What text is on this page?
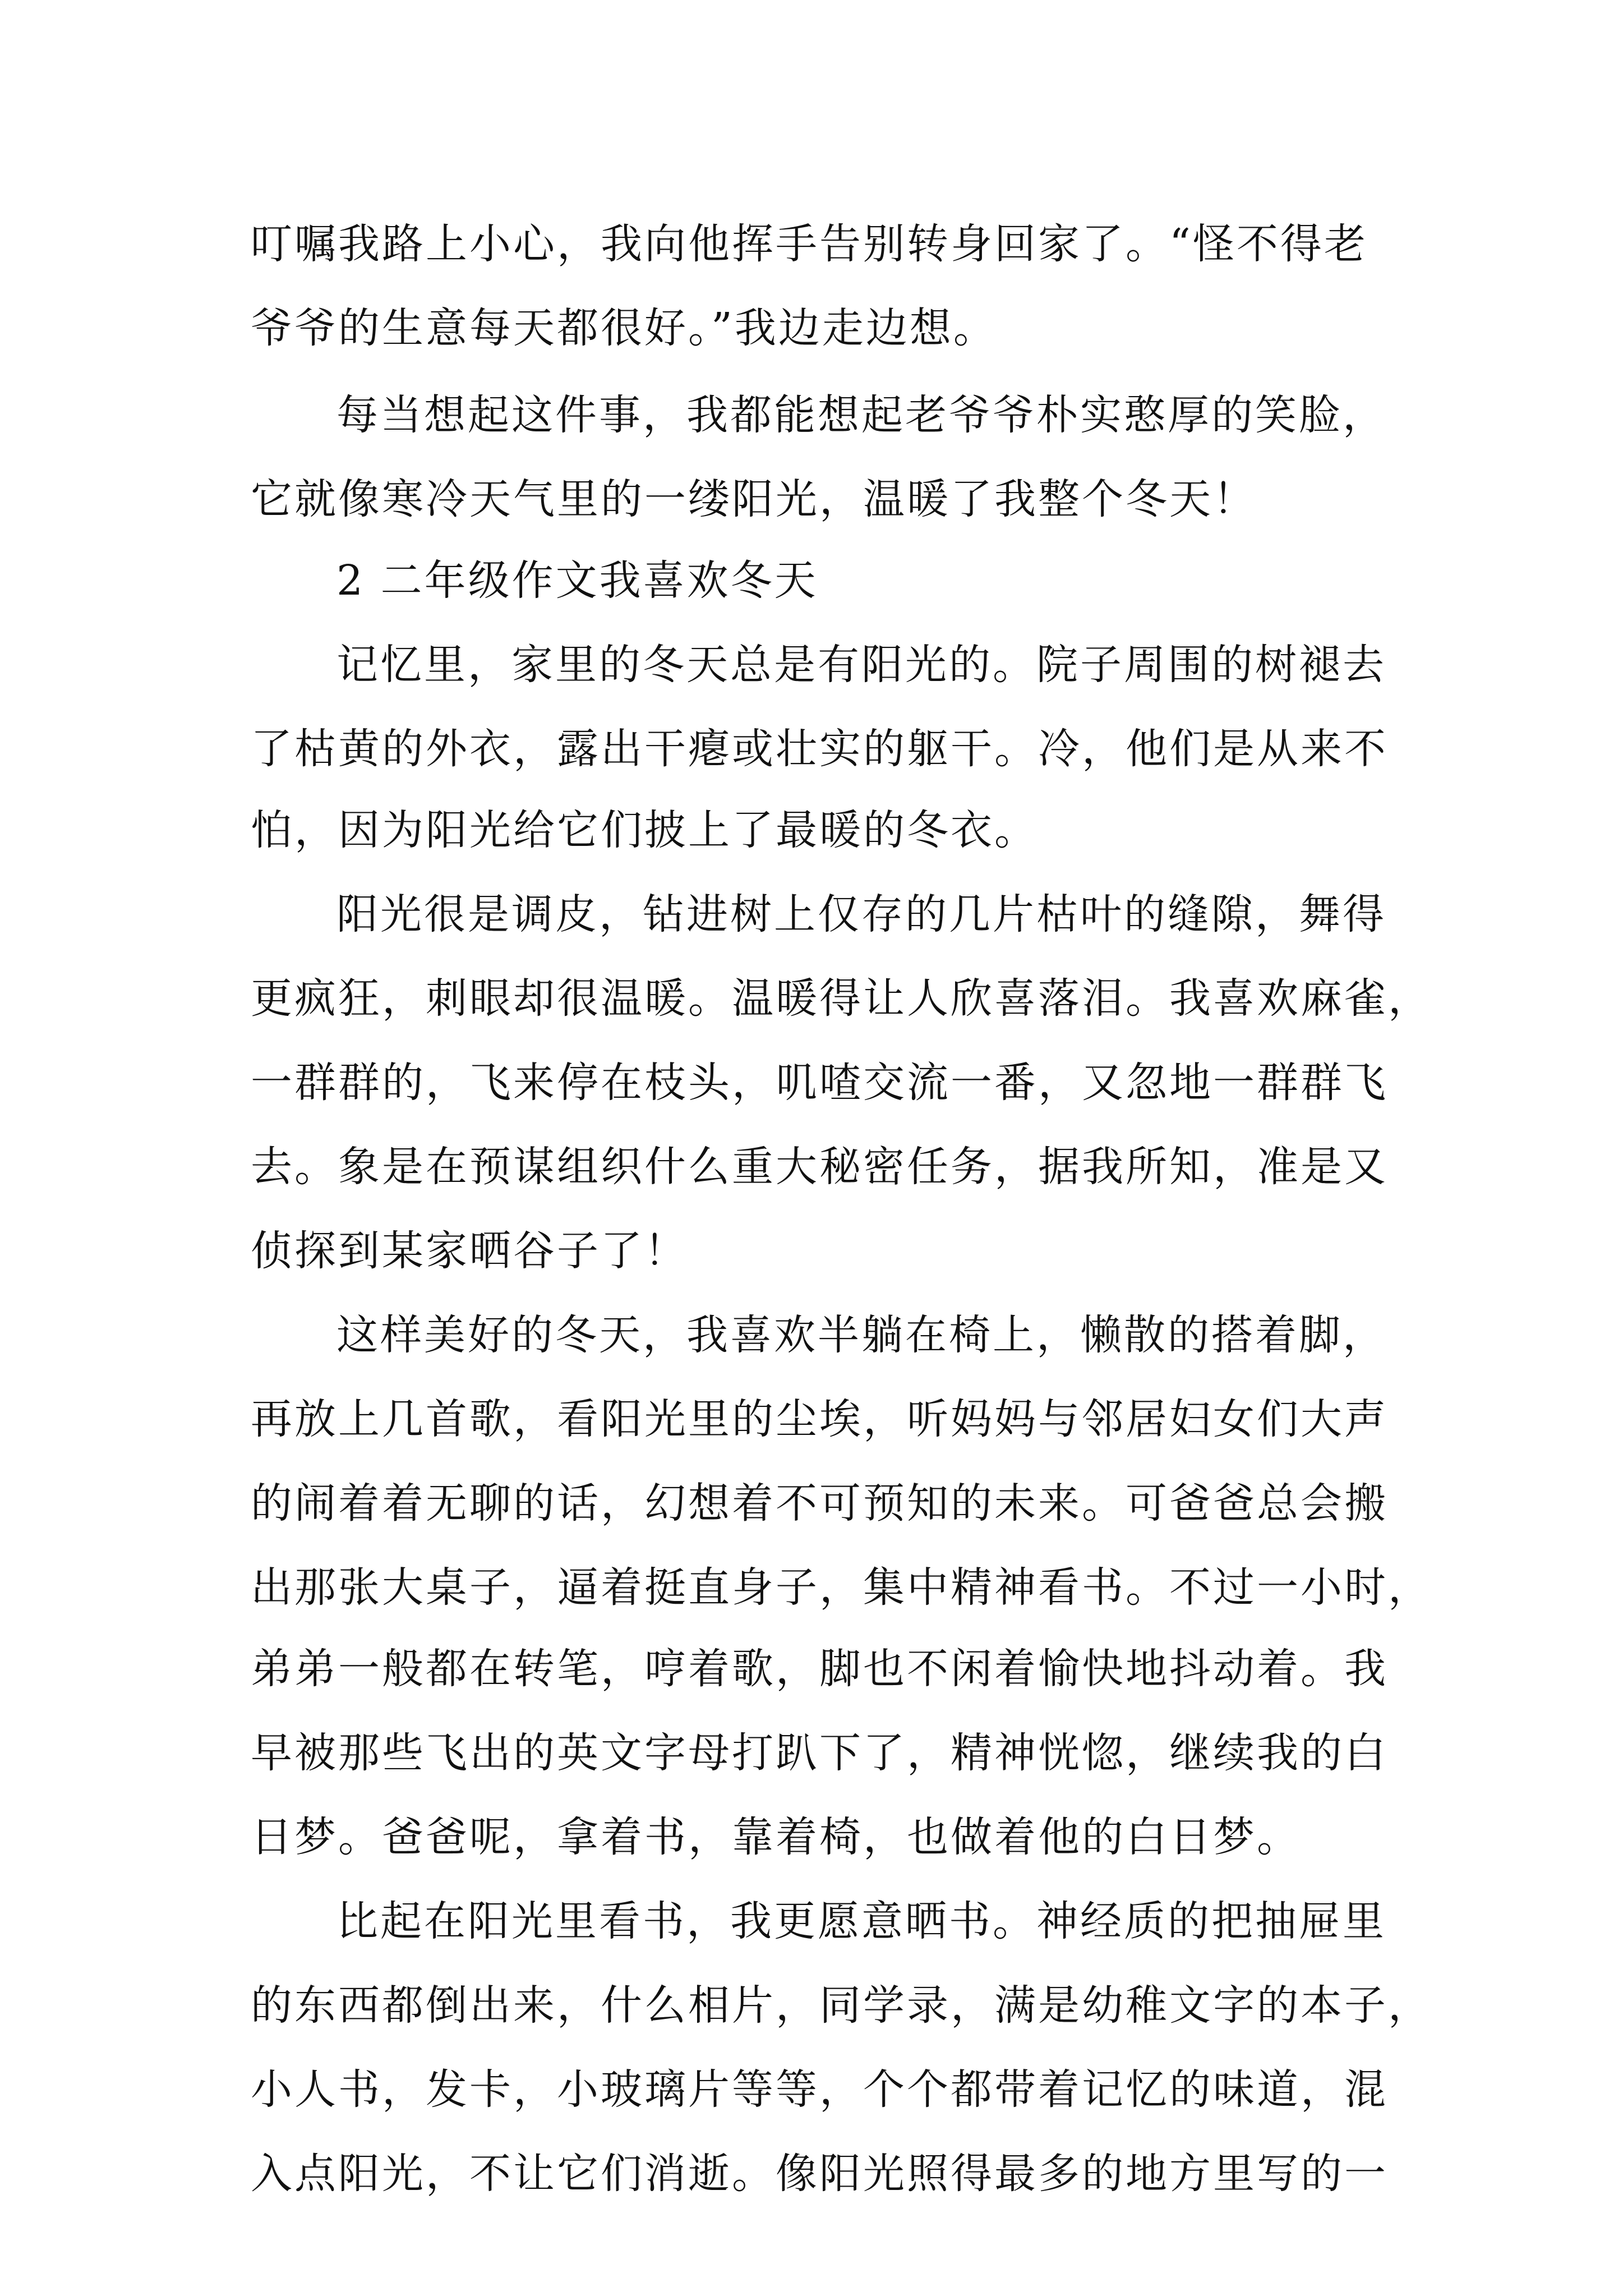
叮嘱我路上小心，我向他挥手告别转身回家了。“怪不得老
爷爷的生意每天都很好。”我边走边想。
每当想起这件事，我都能想起老爷爷朴实憨厚的笑脸，
它就像寒冷天气里的一缕阳光，温暖了我整个冬天！
2 二年级作文我喜欢冬天
记忆里，家里的冬天总是有阳光的。院子周围的树褪去
了枯黄的外衣，露出干瘪或壮实的躯干。冷，他们是从来不
怕，因为阳光给它们披上了最暖的冬衣。
阳光很是调皮，钻进树上仅存的几片枯叶的缝隙，舞得
更疯狂，刺眼却很温暖。温暖得让人欣喜落泪。我喜欢麻雀，
一群群的，飞来停在枝头，叽喳交流一番，又忽地一群群飞
去。象是在预谋组织什么重大秘密任务，据我所知，准是又
侦探到某家晒谷子了！
这样美好的冬天，我喜欢半躺在椅上，懒散的搭着脚，
再放上几首歌，看阳光里的尘埃，听妈妈与邻居妇女们大声
的闹着着无聊的话，幻想着不可预知的未来。可爸爸总会搬
出那张大桌子，逼着挺直身子，集中精神看书。不过一小时，
弟弟一般都在转笔，哼着歌，脚也不闲着愉快地抖动着。我
早被那些飞出的英文字母打趴下了，精神恍惚，继续我的白
日梦。爸爸呢，拿着书，靠着椅，也做着他的白日梦。
比起在阳光里看书，我更愿意晒书。神经质的把抽屉里
的东西都倒出来，什么相片，同学录，满是幼稚文字的本子，
小人书，发卡，小玻璃片等等，个个都带着记忆的味道，混
入点阳光，不让它们消逝。像阳光照得最多的地方里写的一
